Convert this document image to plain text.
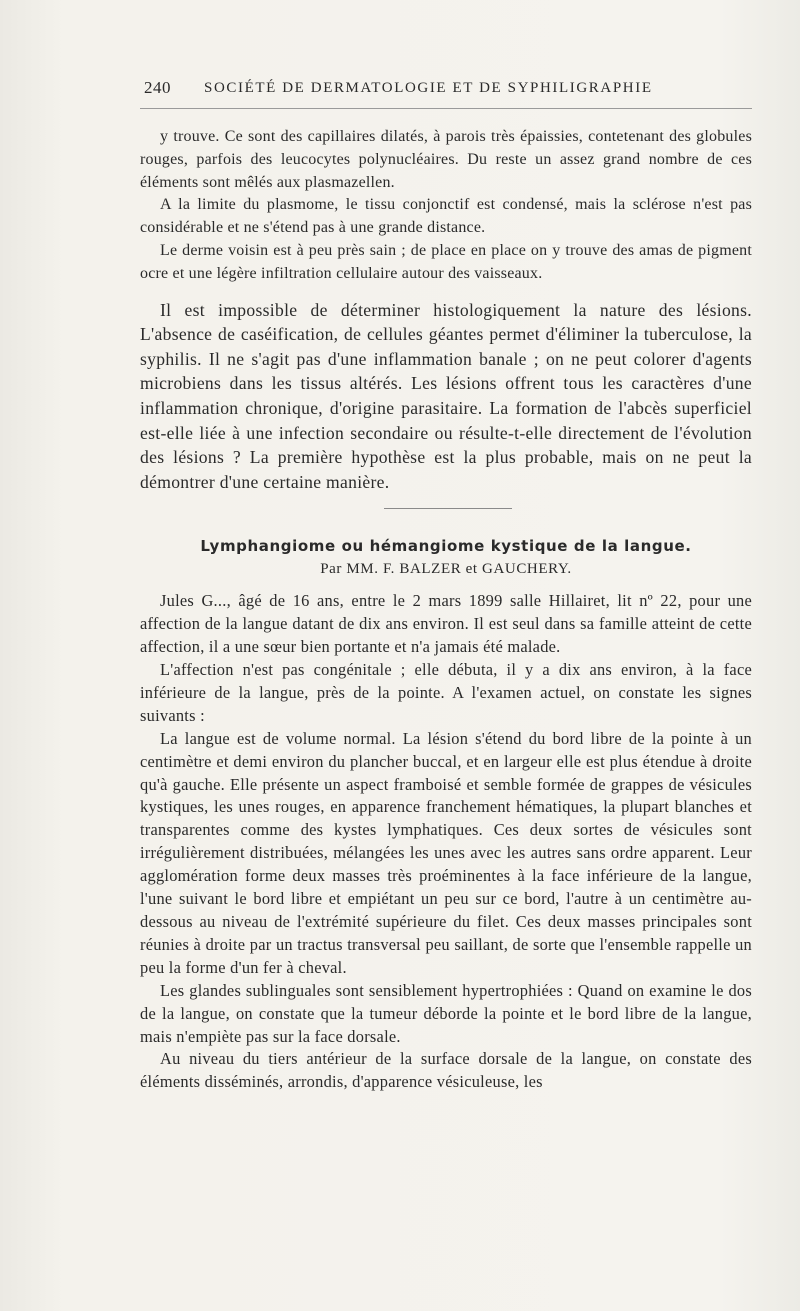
240 SOCIÉTÉ DE DERMATOLOGIE ET DE SYPHILIGRAPHIE

y trouve. Ce sont des capillaires dilatés, à parois très épaissies, contetenant des globules rouges, parfois des leucocytes polynucléaires. Du reste un assez grand nombre de ces éléments sont mêlés aux plasmazellen.

A la limite du plasmome, le tissu conjonctif est condensé, mais la sclérose n'est pas considérable et ne s'étend pas à une grande distance.

Le derme voisin est à peu près sain ; de place en place on y trouve des amas de pigment ocre et une légère infiltration cellulaire autour des vaisseaux.

Il est impossible de déterminer histologiquement la nature des lésions. L'absence de caséification, de cellules géantes permet d'éliminer la tuberculose, la syphilis. Il ne s'agit pas d'une inflammation banale ; on ne peut colorer d'agents microbiens dans les tissus altérés. Les lésions offrent tous les caractères d'une inflammation chronique, d'origine parasitaire. La formation de l'abcès superficiel est-elle liée à une infection secondaire ou résulte-t-elle directement de l'évolution des lésions ? La première hypothèse est la plus probable, mais on ne peut la démontrer d'une certaine manière.

Lymphangiome ou hémangiome kystique de la langue.
Par MM. F. BALZER et GAUCHERY.

Jules G..., âgé de 16 ans, entre le 2 mars 1899 salle Hillairet, lit nº 22, pour une affection de la langue datant de dix ans environ. Il est seul dans sa famille atteint de cette affection, il a une sœur bien portante et n'a jamais été malade.

L'affection n'est pas congénitale ; elle débuta, il y a dix ans environ, à la face inférieure de la langue, près de la pointe. A l'examen actuel, on constate les signes suivants :

La langue est de volume normal. La lésion s'étend du bord libre de la pointe à un centimètre et demi environ du plancher buccal, et en largeur elle est plus étendue à droite qu'à gauche. Elle présente un aspect framboisé et semble formée de grappes de vésicules kystiques, les unes rouges, en apparence franchement hématiques, la plupart blanches et transparentes comme des kystes lymphatiques. Ces deux sortes de vésicules sont irrégulièrement distribuées, mélangées les unes avec les autres sans ordre apparent. Leur agglomération forme deux masses très proéminentes à la face inférieure de la langue, l'une suivant le bord libre et empiétant un peu sur ce bord, l'autre à un centimètre au-dessous au niveau de l'extrémité supérieure du filet. Ces deux masses principales sont réunies à droite par un tractus transversal peu saillant, de sorte que l'ensemble rappelle un peu la forme d'un fer à cheval.

Les glandes sublinguales sont sensiblement hypertrophiées : Quand on examine le dos de la langue, on constate que la tumeur déborde la pointe et le bord libre de la langue, mais n'empiète pas sur la face dorsale.

Au niveau du tiers antérieur de la surface dorsale de la langue, on constate des éléments disséminés, arrondis, d'apparence vésiculeuse, les
